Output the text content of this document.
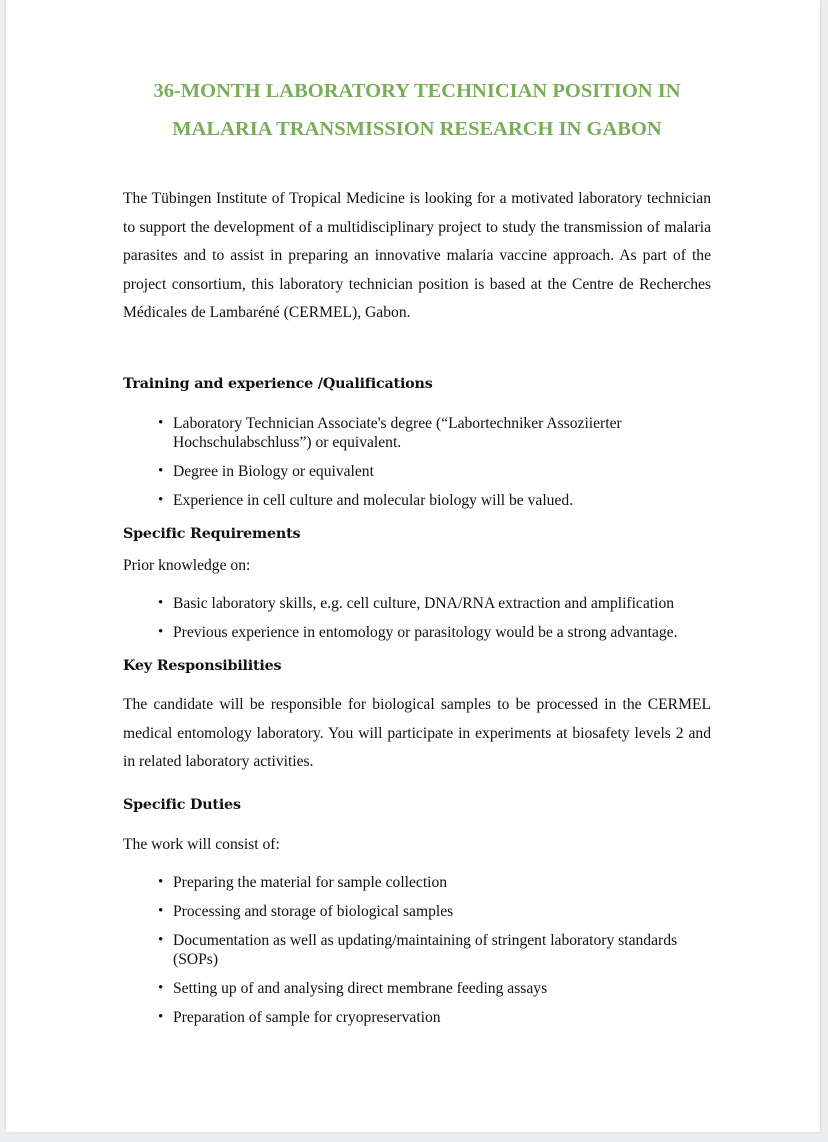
36-MONTH LABORATORY TECHNICIAN POSITION IN
MALARIA TRANSMISSION RESEARCH IN GABON

The Tübingen Institute of Tropical Medicine is looking for a motivated laboratory technician to support the development of a multidisciplinary project to study the transmission of malaria parasites and to assist in preparing an innovative malaria vaccine approach. As part of the project consortium, this laboratory technician position is based at the Centre de Recherches Médicales de Lambaréné (CERMEL), Gabon.

Training and experience /Qualifications
• Laboratory Technician Associate's degree (“Labortechniker Assoziierter Hochschulabschluss”) or equivalent.
• Degree in Biology or equivalent
• Experience in cell culture and molecular biology will be valued.
Specific Requirements

Prior knowledge on:

• Basic laboratory skills, e.g. cell culture, DNA/RNA extraction and amplification
• Previous experience in entomology or parasitology would be a strong advantage.
Key Responsibilities

The candidate will be responsible for biological samples to be processed in the CERMEL medical entomology laboratory. You will participate in experiments at biosafety levels 2 and in related laboratory activities.

Specific Duties

The work will consist of:

• Preparing the material for sample collection
• Processing and storage of biological samples
• Documentation as well as updating/maintaining of stringent laboratory standards (SOPs)
• Setting up of and analysing direct membrane feeding assays
• Preparation of sample for cryopreservation
